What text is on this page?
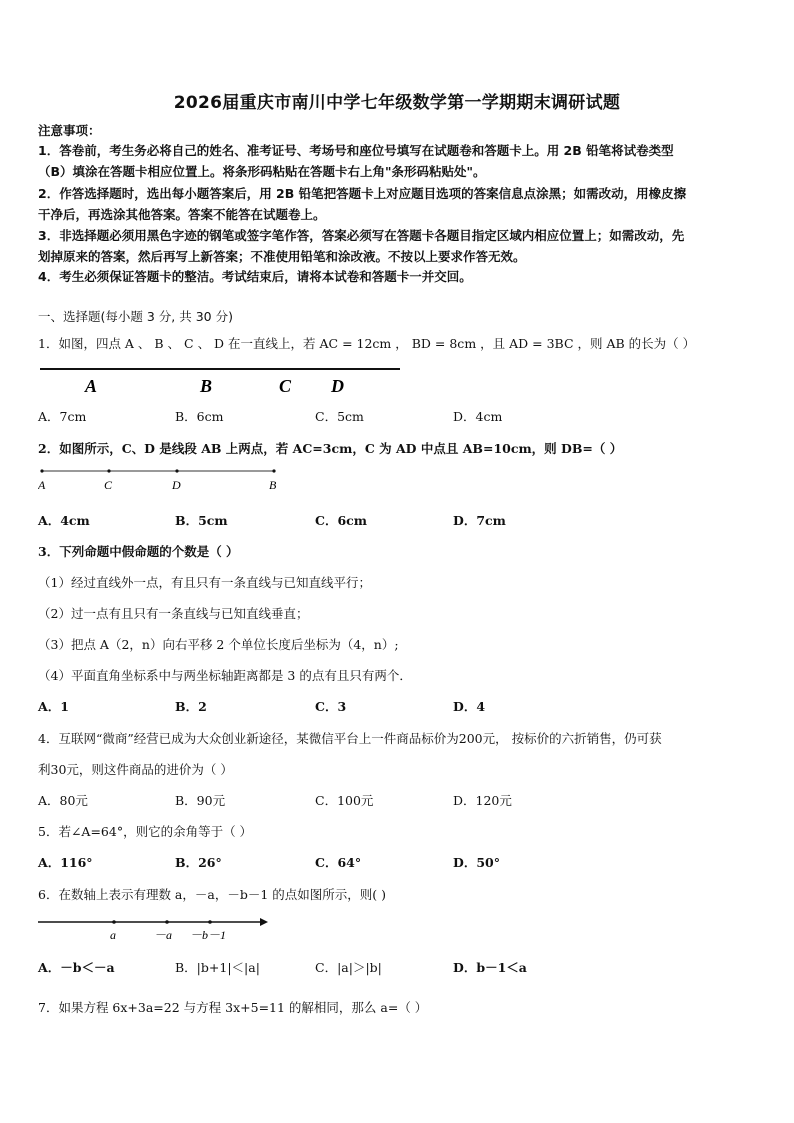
2026届重庆市南川中学七年级数学第一学期期末调研试题
注意事项：
1．答卷前，考生务必将自己的姓名、准考证号、考场号和座位号填写在试题卷和答题卡上。用 2B 铅笔将试卷类型
（B）填涂在答题卡相应位置上。将条形码粘贴在答题卡右上角"条形码粘贴处"。
2．作答选择题时，选出每小题答案后，用 2B 铅笔把答题卡上对应题目选项的答案信息点涂黑；如需改动，用橡皮擦
干净后，再选涂其他答案。答案不能答在试题卷上。
3．非选择题必须用黑色字迹的钢笔或签字笔作答，答案必须写在答题卡各题目指定区域内相应位置上；如需改动，先
划掉原来的答案，然后再写上新答案；不准使用铅笔和涂改液。不按以上要求作答无效。
4．考生必须保证答题卡的整洁。考试结束后，请将本试卷和答题卡一并交回。
一、选择题(每小题 3 分, 共 30 分)
1．如图，四点 A 、 B 、 C 、 D 在一直线上，若 AC = 12cm ， BD = 8cm ，且 AD = 3BC ，则 AB 的长为（ ）
A	B	C D
A．7cm	B．6cm	C．5cm	D．4cm
2．如图所示，C、D 是线段 AB 上两点，若 AC=3cm，C 为 AD 中点且 AB=10cm，则 DB=（ ）
A	C	D	B
A．4cm	B．5cm	C．6cm	D．7cm
3．下列命题中假命题的个数是（ ）
（1）经过直线外一点，有且只有一条直线与已知直线平行；
（2）过一点有且只有一条直线与已知直线垂直；
（3）把点 A（2，n）向右平移 2 个单位长度后坐标为（4，n）;
（4）平面直角坐标系中与两坐标轴距离都是 3 的点有且只有两个．
A．1	B．2	C．3	D．4
4．互联网“微商”经营已成为大众创业新途径，某微信平台上一件商品标价为200元， 按标价的六折销售，仍可获
利30元，则这件商品的进价为（ ）
A．80元	B．90元	C．100元	D．120元
5．若∠A=64°，则它的余角等于（ ）
A．116°	B．26°	C．64°	D．50°
6．在数轴上表示有理数 a，－a，－b－1 的点如图所示，则( )
a	－a －b－1
A．－b＜－a	B．|b+1|＜|a|	C．|a|＞|b|	D．b－1＜a
7．如果方程 6x+3a=22 与方程 3x+5=11 的解相同，那么 a=（ ）
